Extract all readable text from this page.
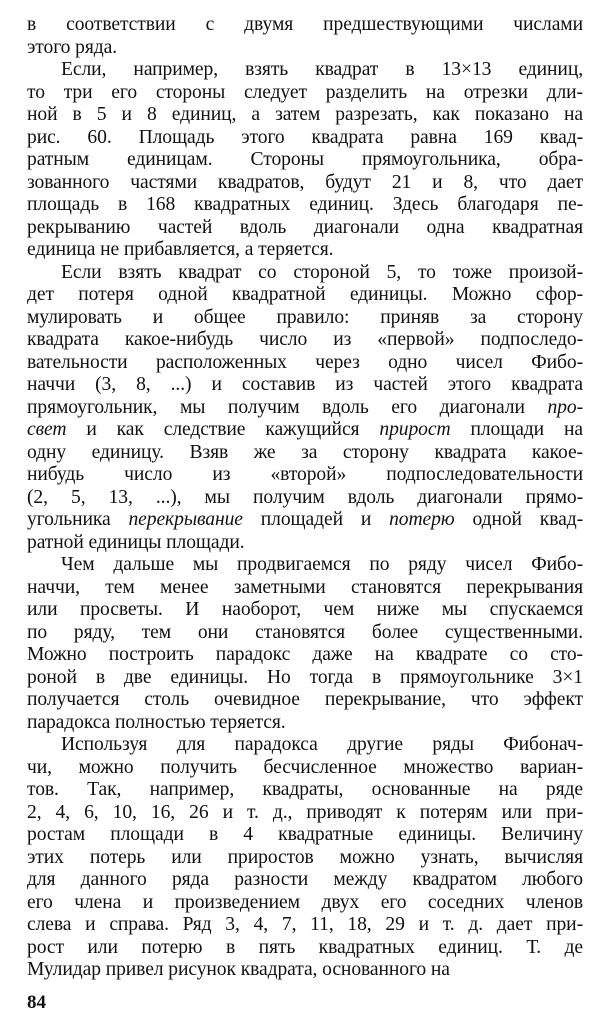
в соответствии с двумя предшествующими числами
этого ряда.
Если, например, взять квадрат в 13×13 единиц,
то три его стороны следует разделить на отрезки дли-
ной в 5 и 8 единиц, а затем разрезать, как показано на
рис. 60. Площадь этого квадрата равна 169 квад-
ратным единицам. Стороны прямоугольника, обра-
зованного частями квадратов, будут 21 и 8, что дает
площадь в 168 квадратных единиц. Здесь благодаря пе-
рекрыванию частей вдоль диагонали одна квадратная
единица не прибавляется, а теряется.
Если взять квадрат со стороной 5, то тоже произой-
дет потеря одной квадратной единицы. Можно сфор-
мулировать и общее правило: приняв за сторону
квадрата какое-нибудь число из «первой» подпоследо-
вательности расположенных через одно чисел Фибо-
наччи (3, 8, ...) и составив из частей этого квадрата
прямоугольник, мы получим вдоль его диагонали про-
свет и как следствие кажущийся прирост площади на
одну единицу. Взяв же за сторону квадрата какое-
нибудь число из «второй» подпоследовательности
(2, 5, 13, ...), мы получим вдоль диагонали прямо-
угольника перекрывание площадей и потерю одной квад-
ратной единицы площади.
Чем дальше мы продвигаемся по ряду чисел Фибо-
наччи, тем менее заметными становятся перекрывания
или просветы. И наоборот, чем ниже мы спускаемся
по ряду, тем они становятся более существенными.
Можно построить парадокс даже на квадрате со сто-
роной в две единицы. Но тогда в прямоугольнике 3×1
получается столь очевидное перекрывание, что эффект
парадокса полностью теряется.
Используя для парадокса другие ряды Фибонач-
чи, можно получить бесчисленное множество вариан-
тов. Так, например, квадраты, основанные на ряде
2, 4, 6, 10, 16, 26 и т. д., приводят к потерям или при-
ростам площади в 4 квадратные единицы. Величину
этих потерь или приростов можно узнать, вычисляя
для данного ряда разности между квадратом любого
его члена и произведением двух его соседних членов
слева и справа. Ряд 3, 4, 7, 11, 18, 29 и т. д. дает при-
рост или потерю в пять квадратных единиц. Т. де
Мулидар привел рисунок квадрата, основанного на
84
